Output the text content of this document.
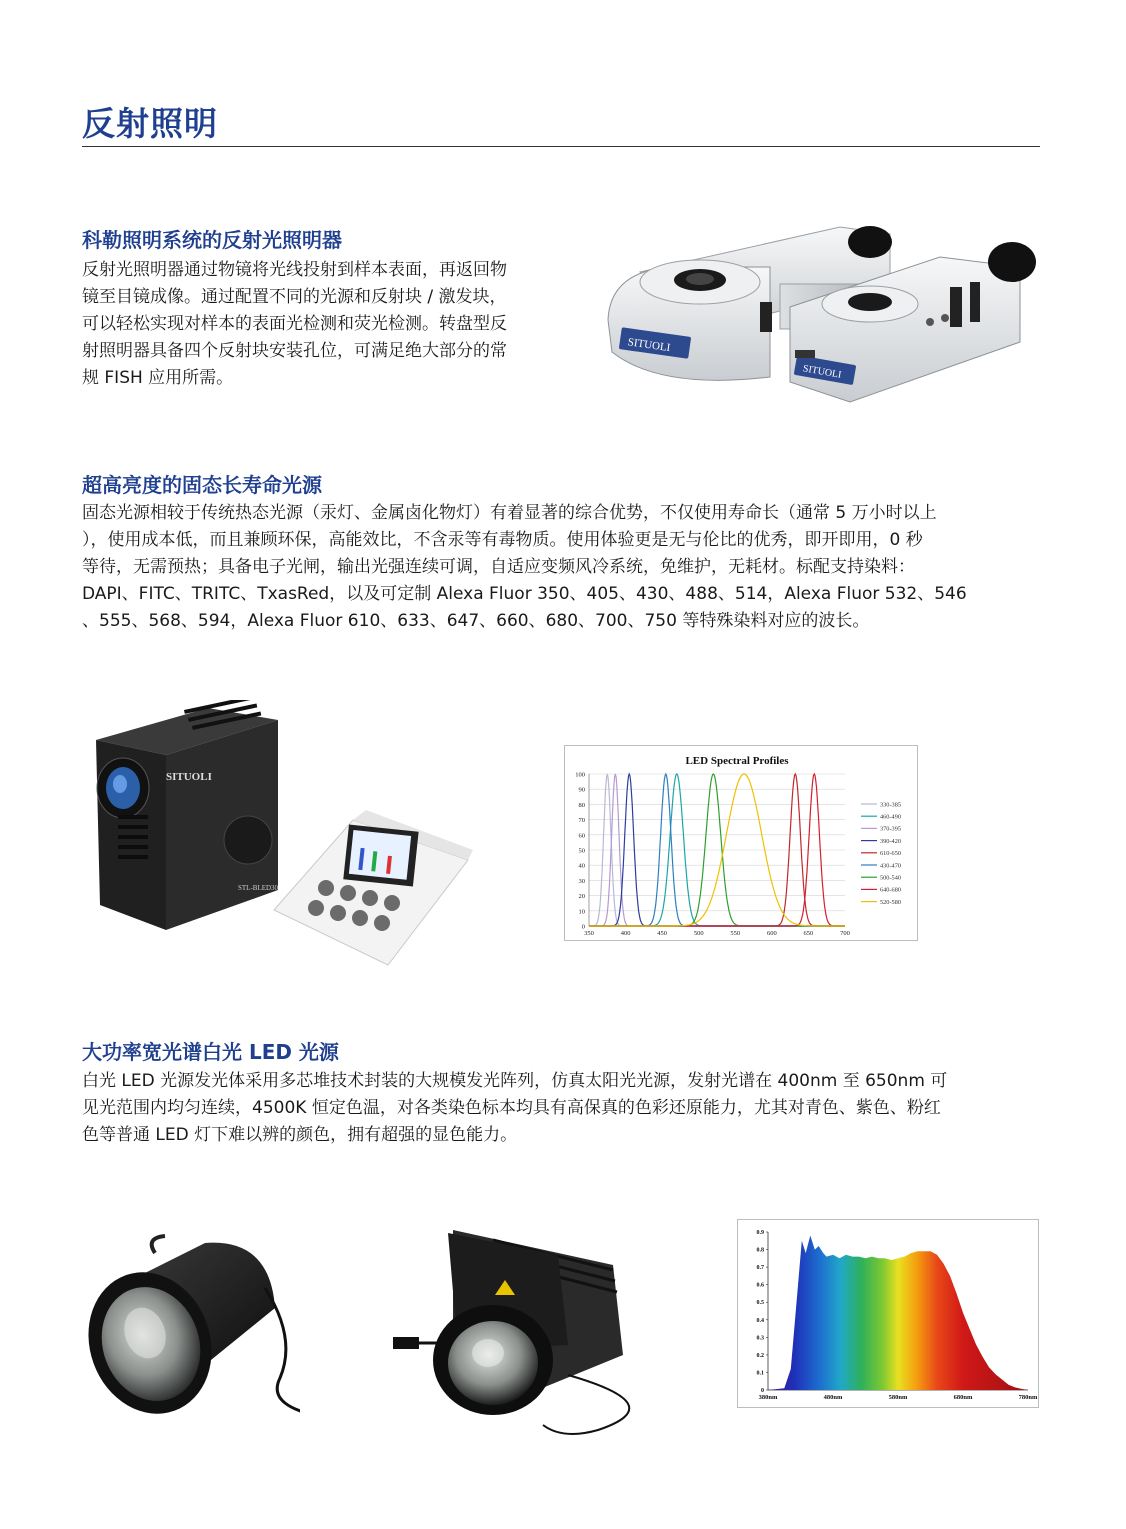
反射照明
科勒照明系统的反射光照明器
反射光照明器通过物镜将光线投射到样本表面，再返回物
镜至目镜成像。通过配置不同的光源和反射块 / 激发块，
可以轻松实现对样本的表面光检测和荧光检测。转盘型反
射照明器具备四个反射块安装孔位，可满足绝大部分的常
规 FISH 应用所需。
SITUOLI
SITUOLI
超高亮度的固态长寿命光源
固态光源相较于传统热态光源（汞灯、金属卤化物灯）有着显著的综合优势，不仅使用寿命长（通常 5 万小时以上
），使用成本低，而且兼顾环保，高能效比，不含汞等有毒物质。使用体验更是无与伦比的优秀，即开即用，0 秒
等待，无需预热；具备电子光闸，输出光强连续可调，自适应变频风冷系统，免维护，无耗材。标配支持染料：
DAPI、FITC、TRITC、TxasRed，以及可定制 Alexa Fluor 350、405、430、488、514，Alexa Fluor 532、546
、555、568、594，Alexa Fluor 610、633、647、660、680、700、750 等特殊染料对应的波长。
SITUOLI
STL-BLED30
LED Spectral Profiles
0
10
20
30
40
50
60
70
80
90
100
350	400	450	500	550	600	650	700
330-385
460-490
370-395
390-420
610-650
430-470
500-540
640-680
520-580
大功率宽光谱白光 LED 光源
白光 LED 光源发光体采用多芯堆技术封装的大规模发光阵列，仿真太阳光光源，发射光谱在 400nm 至 650nm 可
见光范围内均匀连续，4500K 恒定色温，对各类染色标本均具有高保真的色彩还原能力，尤其对青色、紫色、粉红
色等普通 LED 灯下难以辨的颜色，拥有超强的显色能力。
0
0.1
0.2
0.3
0.4
0.5
0.6
0.7
0.8
0.9
380nm	480nm	580nm	680nm	780nm
